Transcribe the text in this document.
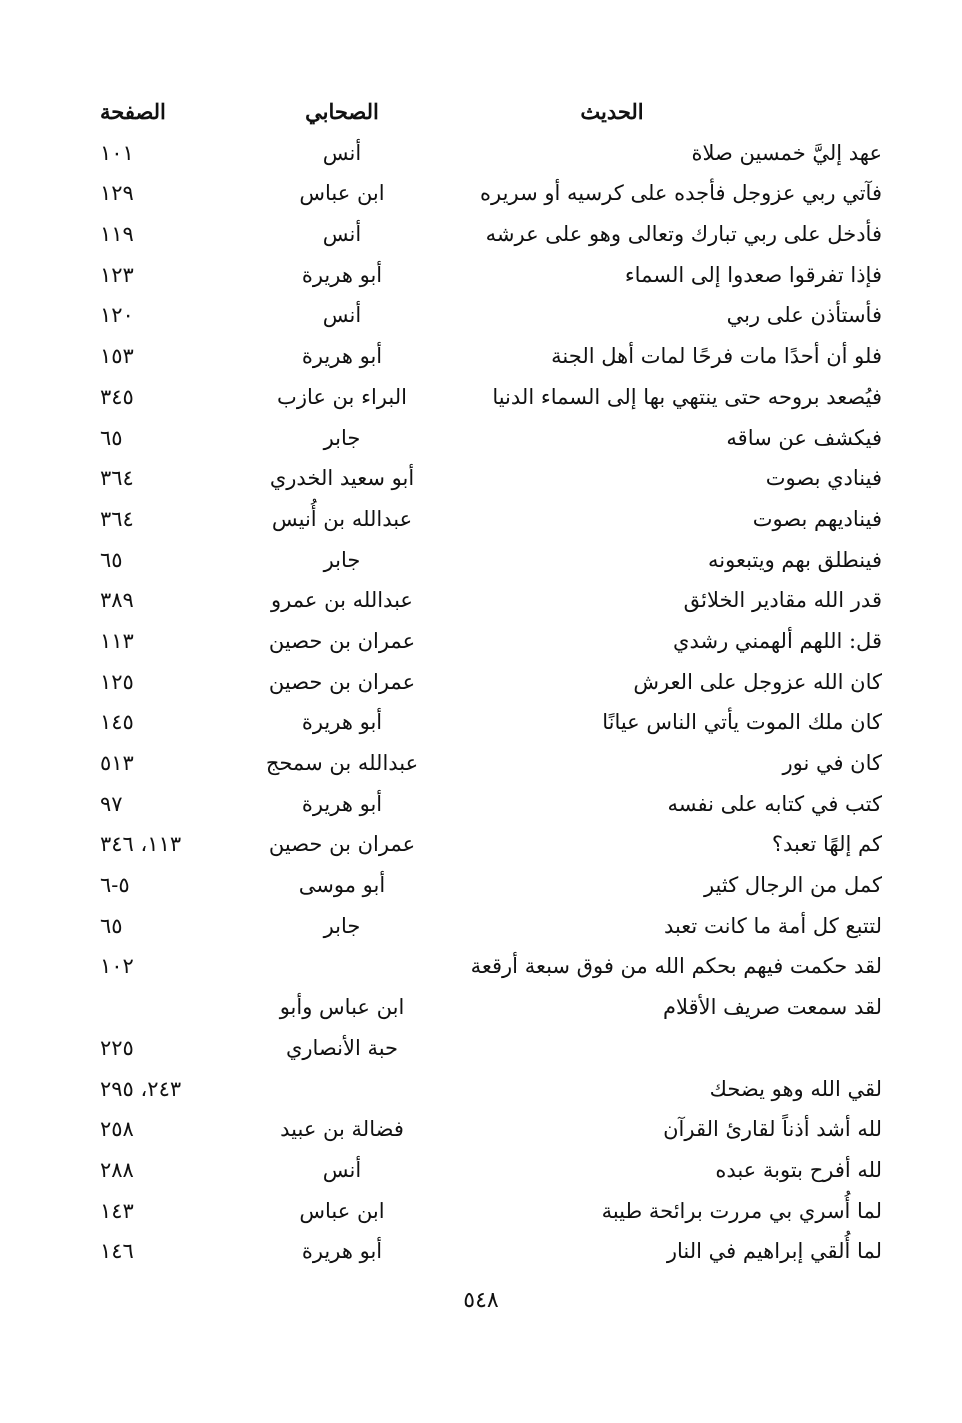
الحديث
الصحابي
الصفحة
عهد إليَّ خمسين صلاة
أنس
١٠١
فآتي ربي عزوجل فأجده على كرسيه أو سريره
ابن عباس
١٢٩
فأدخل على ربي تبارك وتعالى وهو على عرشه
أنس
١١٩
فإذا تفرقوا صعدوا إلى السماء
أبو هريرة
١٢٣
فأستأذن على ربي
أنس
١٢٠
فلو أن أحدًا مات فرحًا لمات أهل الجنة
أبو هريرة
١٥٣
فيُصعد بروحه حتى ينتهي بها إلى السماء الدنيا
البراء بن عازب
٣٤٥
فيكشف عن ساقه
جابر
٦٥
فينادي بصوت
أبو سعيد الخدري
٣٦٤
فيناديهم بصوت
عبدالله بن أُنيس
٣٦٤
فينطلق بهم ويتبعونه
جابر
٦٥
قدر الله مقادير الخلائق
عبدالله بن عمرو
٣٨٩
قل: اللهم ألهمني رشدي
عمران بن حصين
١١٣
كان الله عزوجل على العرش
عمران بن حصين
١٢٥
كان ملك الموت يأتي الناس عيانًا
أبو هريرة
١٤٥
كان في نور
عبدالله بن سمحج
٥١٣
كتب في كتابه على نفسه
أبو هريرة
٩٧
كم إلهًا تعبد؟
عمران بن حصين
١١٣، ٣٤٦
كمل من الرجال كثير
أبو موسى
٥-٦
لتتبع كل أمة ما كانت تعبد
جابر
٦٥
لقد حكمت فيهم بحكم الله من فوق سبعة أرقعة
١٠٢
لقد سمعت صريف الأقلام
ابن عباس وأبو
حبة الأنصاري
٢٢٥
لقي الله وهو يضحك
٢٤٣، ٢٩٥
لله أشد أذناً لقارئ القرآن
فضالة بن عبيد
٢٥٨
لله أفرح بتوبة عبده
أنس
٢٨٨
لما أُسري بي مررت برائحة طيبة
ابن عباس
١٤٣
لما أُلقي إبراهيم في النار
أبو هريرة
١٤٦
٥٤٨
